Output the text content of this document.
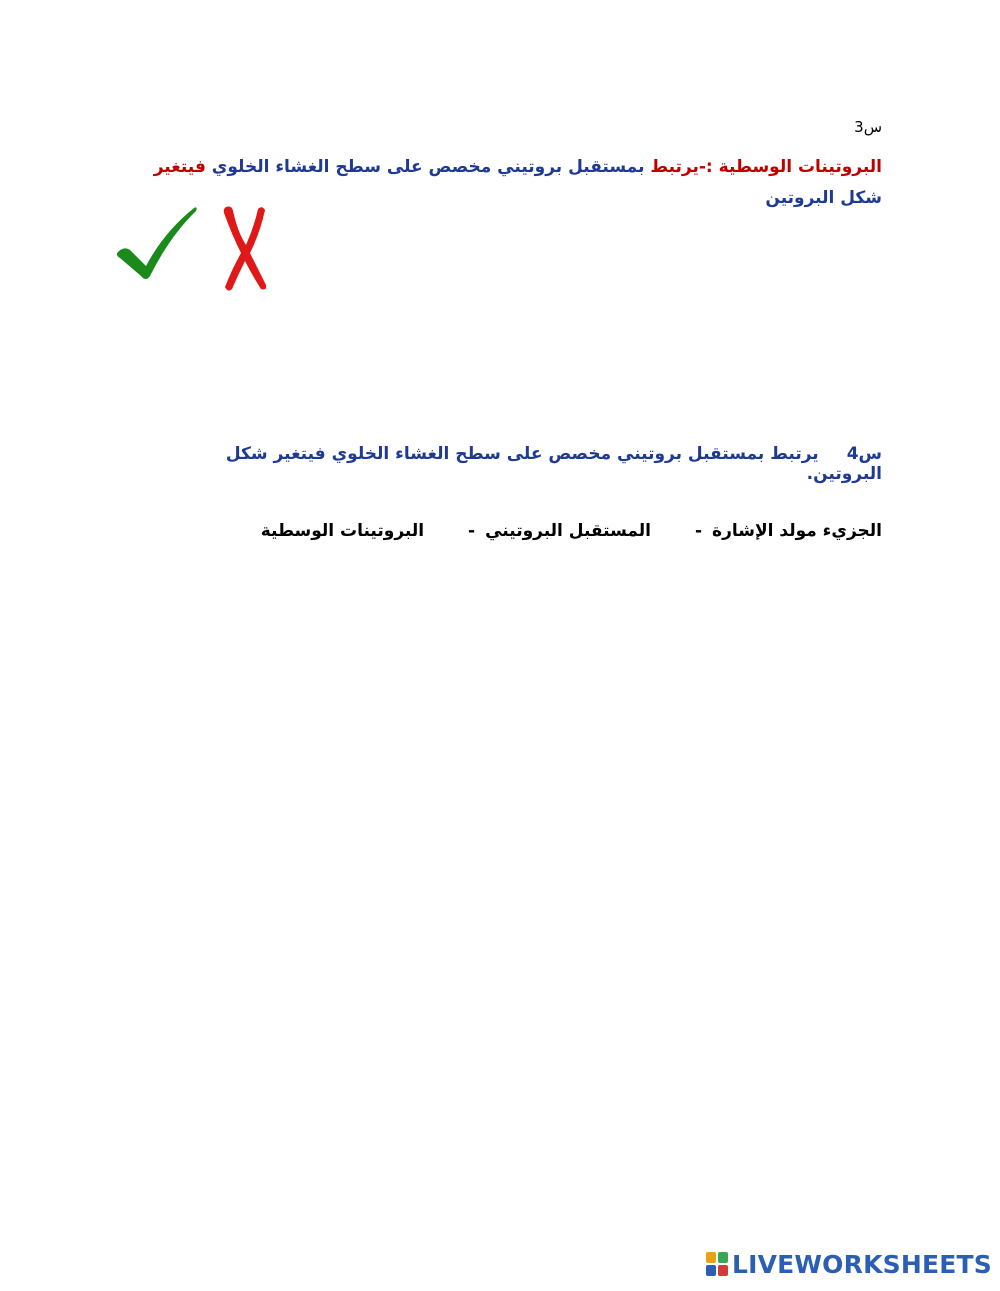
س3
البروتينات الوسطية :-يرتبط بمستقبل بروتيني مخصص على سطح الغشاء الخلوي فيتغير شكل البروتين
س4يرتبط بمستقبل بروتيني مخصص على سطح الغشاء الخلوي فيتغير شكل البروتين.
الجزيء مولد الإشارة
-
المستقبل البروتيني
-
البروتينات الوسطية
LIVEWORKSHEETS
